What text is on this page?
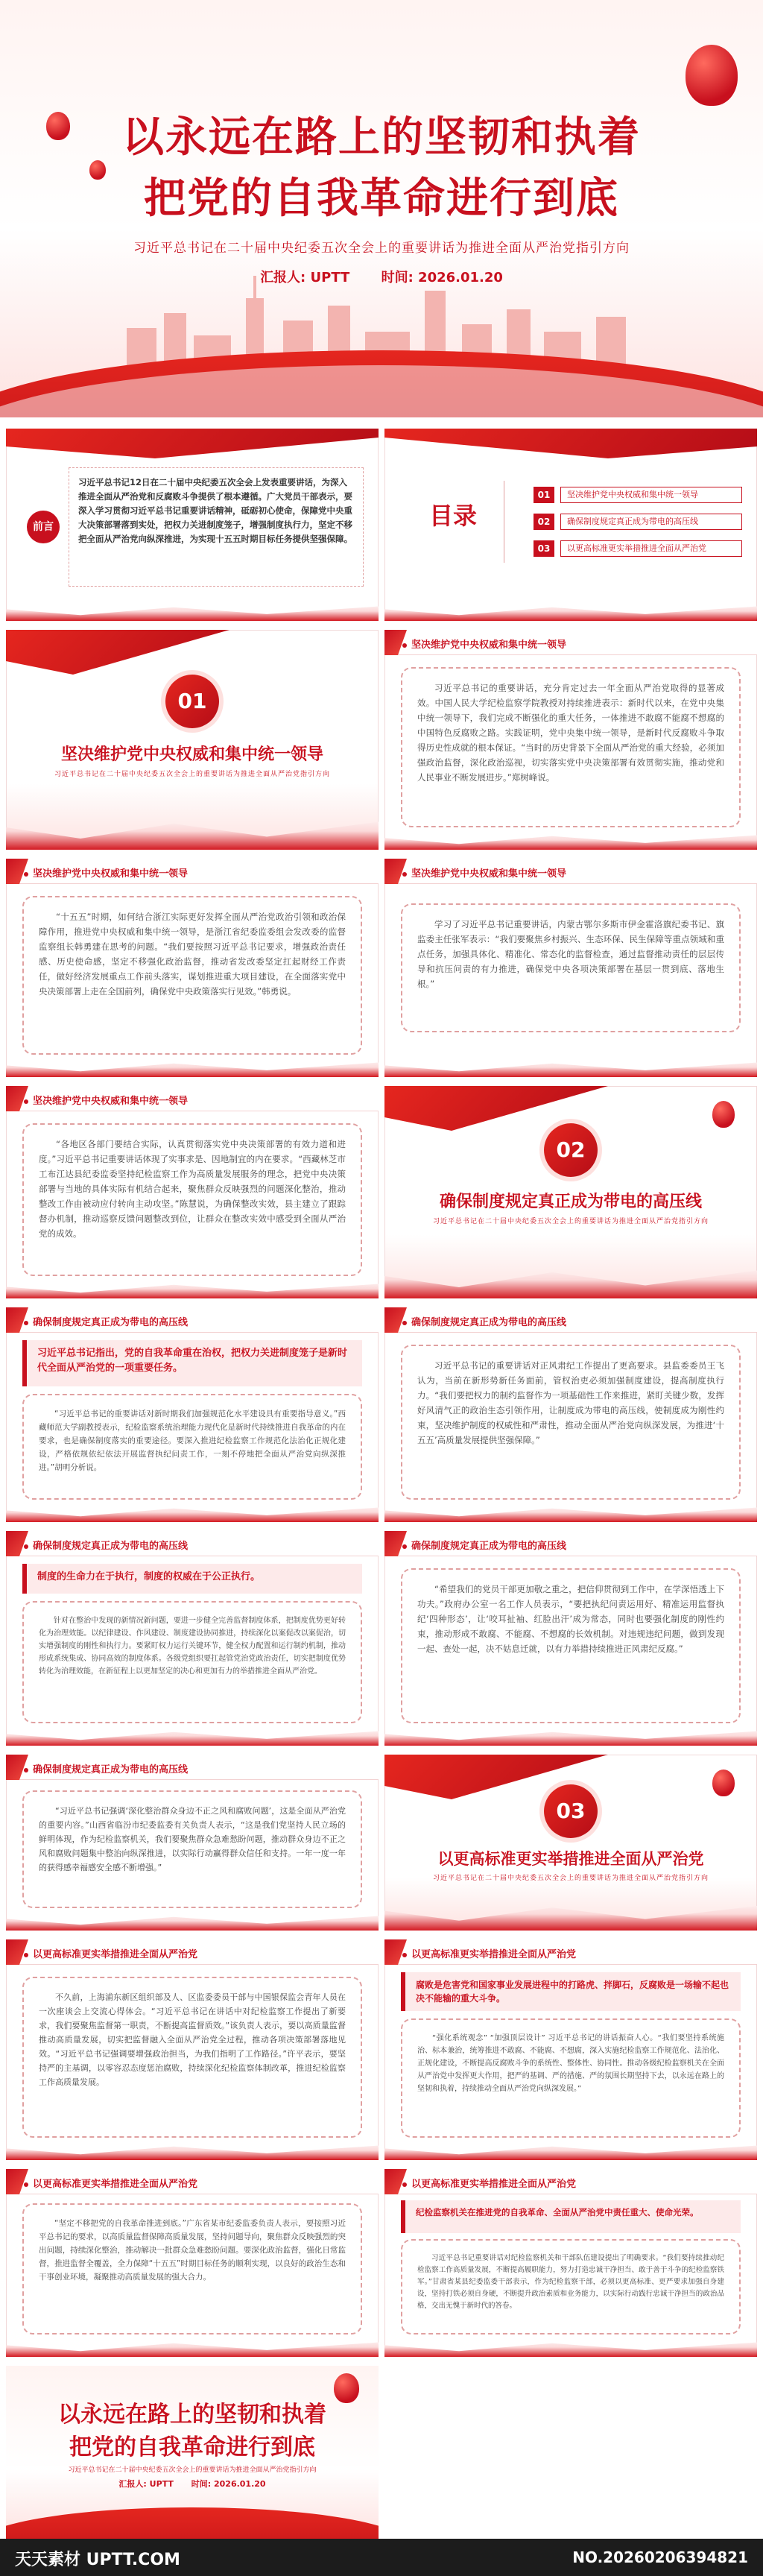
以永远在路上的坚韧和执着
把党的自我革命进行到底
习近平总书记在二十届中央纪委五次全会上的重要讲话为推进全面从严治党指引方向
汇报人: UPTT 时间: 2026.01.20
前言

习近平总书记12日在二十届中央纪委五次全会上发表重要讲话，为深入推进全面从严治党和反腐败斗争提供了根本遵循。广大党员干部表示，要深入学习贯彻习近平总书记重要讲话精神，砥砺初心使命，保障党中央重大决策部署落到实处，把权力关进制度笼子，增强制度执行力，坚定不移把全面从严治党向纵深推进，为实现十五五时期目标任务提供坚强保障。

目录
01	坚决维护党中央权威和集中统一领导
02	确保制度规定真正成为带电的高压线
03	以更高标准更实举措推进全面从严治党
01
坚决维护党中央权威和集中统一领导
习近平总书记在二十届中央纪委五次全会上的重要讲话为推进全面从严治党指引方向
坚决维护党中央权威和集中统一领导

习近平总书记的重要讲话，充分肯定过去一年全面从严治党取得的显著成效。中国人民大学纪检监察学院教授对持续推进表示：新时代以来，在党中央集中统一领导下，我们完成不断强化的重大任务，一体推进不敢腐不能腐不想腐的中国特色反腐败之路。实践证明，党中央集中统一领导，是新时代反腐败斗争取得历史性成就的根本保证。“当时的历史背景下全面从严治党的重大经验，必须加强政治监督，深化政治巡视，切实落实党中央决策部署有效贯彻实施，推动党和人民事业不断发展进步。”郑树峰说。

坚决维护党中央权威和集中统一领导

“十五五”时期，如何结合浙江实际更好发挥全面从严治党政治引领和政治保障作用，推进党中央权威和集中统一领导，是浙江省纪委监委组会发改委的监督监察组长韩勇建在思考的问题。“我们要按照习近平总书记要求，增强政治责任感、历史使命感，坚定不移强化政治监督，推动省发改委坚定扛起财经工作责任，做好经济发展重点工作前头落实，谋划推进重大项目建设，在全面落实党中央决策部署上走在全国前列，确保党中央政策落实行见效。”韩勇说。

坚决维护党中央权威和集中统一领导

学习了习近平总书记重要讲话，内蒙古鄂尔多斯市伊金霍洛旗纪委书记、旗监委主任张军表示：“我们要聚焦乡村振兴、生态环保、民生保障等重点领域和重点任务，加强具体化、精准化、常态化的监督检查，通过监督推动责任的层层传导和抗压问责的有力推进，确保党中央各项决策部署在基层一贯到底、落地生根。”

坚决维护党中央权威和集中统一领导

“各地区各部门要结合实际，认真贯彻落实党中央决策部署的有效力道和进度。”习近平总书记重要讲话体现了实事求是、因地制宜的内在要求。“西藏林芝市工布江达县纪委监委坚持纪检监察工作为高质量发展服务的理念，把党中央决策部署与当地的具体实际有机结合起来，聚焦群众反映强烈的问题深化整治，推动整改工作由被动应付转向主动攻坚。”陈慧说，为确保整改实效，县主建立了跟踪督办机制，推动巡察反馈问题整改到位，让群众在整改实效中感受到全面从严治党的成效。

02
确保制度规定真正成为带电的高压线
习近平总书记在二十届中央纪委五次全会上的重要讲话为推进全面从严治党指引方向
确保制度规定真正成为带电的高压线

习近平总书记指出，党的自我革命重在治权，把权力关进制度笼子是新时代全面从严治党的一项重要任务。

“习近平总书记的重要讲话对新时期我们加强规范化水平建设具有重要指导意义。”西藏师范大学副教授表示，纪检监察系统治理能力现代化是新时代持续推进自我革命的内在要求，也是确保制度落实的重要途径。要深入推进纪检监察工作规范化法治化正规化建设，严格依规依纪依法开展监督执纪问责工作，一刻不停地把全面从严治党向纵深推进。”胡明分析说。

确保制度规定真正成为带电的高压线

习近平总书记的重要讲话对正风肃纪工作提出了更高要求。县监委委员王飞认为，当前在新形势新任务面前，管权治吏必须加强制度建设，提高制度执行力。“我们要把权力的制约监督作为一项基础性工作来推进，紧盯关键少数，发挥好风清气正的政治生态引领作用，让制度成为带电的高压线，使制度成为刚性约束，坚决维护制度的权威性和严肃性，推动全面从严治党向纵深发展，为推进‘十五五’高质量发展提供坚强保障。”

确保制度规定真正成为带电的高压线

制度的生命力在于执行，制度的权威在于公正执行。

针对在整治中发现的新情况新问题，要进一步健全完善监督制度体系，把制度优势更好转化为治理效能。以纪律建设、作风建设、制度建设协同推进，持续深化以案促改以案促治，切实增强制度的刚性和执行力。要紧盯权力运行关键环节，健全权力配置和运行制约机制，推动形成系统集成、协同高效的制度体系。各级党组织要扛起管党治党政治责任，切实把制度优势转化为治理效能，在新征程上以更加坚定的决心和更加有力的举措推进全面从严治党。

确保制度规定真正成为带电的高压线

“希望我们的党员干部更加敬之重之，把信仰贯彻到工作中，在学深悟透上下功夫。”政府办公室一名工作人员表示，“要把执纪问责运用好、精准运用监督执纪‘四种形态’，让‘咬耳扯袖、红脸出汗’成为常态，同时也要强化制度的刚性约束，推动形成不敢腐、不能腐、不想腐的长效机制。对违规违纪问题，做到发现一起、查处一起，决不姑息迁就，以有力举措持续推进正风肃纪反腐。”

确保制度规定真正成为带电的高压线

“习近平总书记强调‘深化整治群众身边不正之风和腐败问题’，这是全面从严治党的重要内容。”山西省临汾市纪委监委有关负责人表示，“这是我们党坚持人民立场的鲜明体现，作为纪检监察机关，我们要聚焦群众急难愁盼问题，推动群众身边不正之风和腐败问题集中整治向纵深推进，以实际行动赢得群众信任和支持。一年一度一年的获得感幸福感安全感不断增强。”

03
以更高标准更实举措推进全面从严治党
习近平总书记在二十届中央纪委五次全会上的重要讲话为推进全面从严治党指引方向
以更高标准更实举措推进全面从严治党

不久前，上海浦东新区组织部及人、区监委委员干部与中国银保监会青年人员在一次座谈会上交流心得体会。“习近平总书记在讲话中对纪检监察工作提出了新要求，我们要聚焦监督第一职责，不断提高监督质效。”该负责人表示，要以高质量监督推动高质量发展，切实把监督融入全面从严治党全过程，推动各项决策部署落地见效。“习近平总书记强调要增强政治担当，为我们指明了工作路径。”许平表示，要坚持严的主基调，以零容忍态度惩治腐败，持续深化纪检监察体制改革，推进纪检监察工作高质量发展。

以更高标准更实举措推进全面从严治党

腐败是危害党和国家事业发展进程中的打路虎、拌脚石，反腐败是一场输不起也决不能输的重大斗争。

“强化系统观念” “加强顶层设计” 习近平总书记的讲话振奋人心。“我们要坚持系统施治、标本兼治，统筹推进不敢腐、不能腐、不想腐，深入实施纪检监察工作规范化、法治化、正规化建设，不断提高反腐败斗争的系统性、整体性、协同性。推动各级纪检监察机关在全面从严治党中发挥更大作用，把严的基调、严的措施、严的氛围长期坚持下去，以永远在路上的坚韧和执着，持续推动全面从严治党向纵深发展。”

以更高标准更实举措推进全面从严治党

“坚定不移把党的自我革命推进到底。”广东省某市纪委监委负责人表示，要按照习近平总书记的要求，以高质量监督保障高质量发展，坚持问题导向，聚焦群众反映强烈的突出问题，持续深化整治，推动解决一批群众急难愁盼问题。要深化政治监督，强化日常监督，推进监督全覆盖，全力保障“十五五”时期目标任务的顺利实现，以良好的政治生态和干事创业环境，凝聚推动高质量发展的强大合力。

以更高标准更实举措推进全面从严治党

纪检监察机关在推进党的自我革命、全面从严治党中责任重大、使命光荣。

习近平总书记重要讲话对纪检监察机关和干部队伍建设提出了明确要求。“我们要持续推动纪检监察工作高质量发展，不断提高履职能力，努力打造忠诚干净担当、敢于善于斗争的纪检监察铁军。”甘肃省某县纪委监委干部表示，作为纪检监察干部，必须以更高标准、更严要求加强自身建设，坚持打铁必须自身硬，不断提升政治素质和业务能力，以实际行动践行忠诚干净担当的政治品格，交出无愧于新时代的答卷。

以永远在路上的坚韧和执着
把党的自我革命进行到底
习近平总书记在二十届中央纪委五次全会上的重要讲话为推进全面从严治党指引方向
汇报人: UPTT 时间: 2026.01.20
天天素材 UPTT.COM	NO.20260206394821
